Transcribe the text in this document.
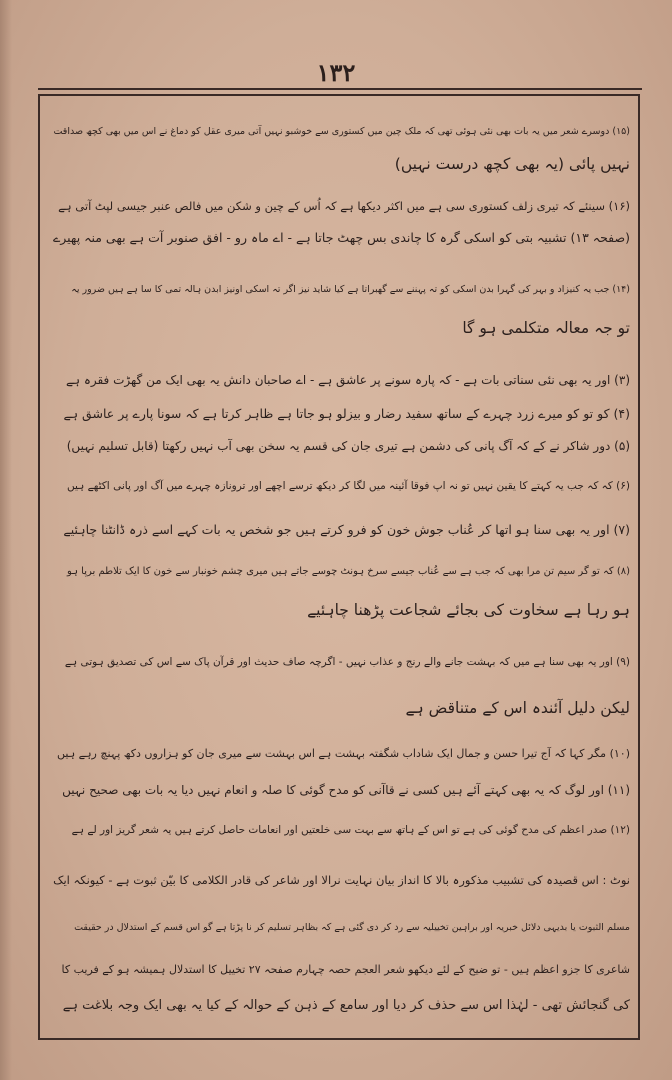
۱۳۲
(۱۵) دوسرے شعر میں یہ بات بھی نئی ہوئی تھی کہ ملک چین میں کستوری سے خوشبو نہیں آتی میری عقل کو دماغ نے اس میں بھی کچھ صداقت
نہیں پائی (یہ بھی کچھ درست نہیں)
(۱۶) سینئے کہ تیری زلف کستوری سی ہے میں اکثر دیکھا ہے کہ اُس کے چین و شکن میں فالص عنبر جیسی لپٹ آتی ہے
(صفحہ ۱۳) تشبیہ بتی کو اسکی گرہ کا چاندی بس چھٹ جاتا ہے - اے ماہ رو - افق صنوبر آت ہے بھی منہ پھیرے
(۱۴) جب یہ کنیزاد و بہر کی گہرا بدن اسکی کو تہ پہننے سے گھبراتا ہے کیا شاید نیز اگر تہ اسکی اونیز ابدن ہالہ تمی کا سا ہے ہیں ضرور یہ
تو جہ معالہ متکلمی ہو گا
(۳) اور یہ بھی نئی سناتی بات ہے - کہ پارہ سونے پر عاشق ہے - اے صاحبان دانش یہ بھی ایک من گھڑت فقرہ ہے
(۴) کو تو کو میرے زرد چہرے کے ساتھ سفید رضار و بیزلو ہو جاتا ہے ظاہر کرتا ہے کہ سونا پارے پر عاشق ہے
(۵) دور شاکر نے کے کہ آگ پانی کی دشمن ہے تیری جان کی قسم یہ سخن بھی آب نہیں رکھتا (قابل تسلیم نہیں)
(۶) کہ کہ جب یہ کہتے کا یقین نہیں تو نہ اپ فوقا آئینہ میں لگا کر دیکھ ترسے اچھے اور ترونازہ چہرے میں آگ اور پانی اکٹھے ہیں
(۷) اور یہ بھی سنا ہو اتھا کر عُناب جوش خون کو فرو کرتے ہیں جو شخص یہ بات کہے اسے ذرہ ڈانٹنا چاہئیے
(۸) کہ تو گر سیم تن مرا بھی کہ جب ہے سے عُناب جیسے سرخ ہونٹ چوسے جاتے ہیں میری چشم خونبار سے خون کا ایک تلاطم برپا ہو
ہو رہا ہے سخاوت کی بجائے شجاعت پڑھنا چاہئیے
(۹) اور یہ بھی سنا ہے میں کہ بہشت جانے والے رنج و عذاب نہیں - اگرچہ صاف حدیث اور قرآن پاک سے اس کی تصدیق ہوتی ہے
لیکن دلیل آئندہ اس کے متناقض ہے
(۱۰) مگر کہا کہ آج تیرا حسن و جمال ایک شاداب شگفتہ بہشت ہے اس بہشت سے میری جان کو ہزاروں دکھ پہنچ رہے ہیں
(۱۱) اور لوگ کہ یہ بھی کہتے آئے ہیں کسی نے قاآنی کو مدح گوئی کا صلہ و انعام نہیں دیا یہ بات بھی صحیح نہیں
(۱۲) صدر اعظم کی مدح گوئی کی ہے تو اس کے ہاتھ سے بہت سی خلعتیں اور انعامات حاصل کرتے ہیں یہ شعر گریز اور لے ہے
نوٹ : اس قصیدہ کی تشبیب مذکورہ بالا کا انداز بیان نہایت نرالا اور شاعر کی قادر الکلامی کا بیّن ثبوت ہے - کیونکہ ایک
مسلم الثبوت یا بدیہی دلائل خبریہ اور براہین تخییلیہ سے رد کر دی گئی ہے کہ بظاہر تسلیم کر نا پڑتا ہے گو اس قسم کے استدلال در حقیقت
شاعری کا جزو اعظم ہیں - تو ضیح کے لئے دیکھو شعر العجم حصہ چہارم صفحہ ۲۷ تخییل کا استدلال ہمیشہ ہو کے فریب کا
کی گنجائش تھی - لہٰذا اس سے حذف کر دیا اور سامع کے ذہن کے حوالہ کے کیا یہ بھی ایک وجہ بلاغت ہے
